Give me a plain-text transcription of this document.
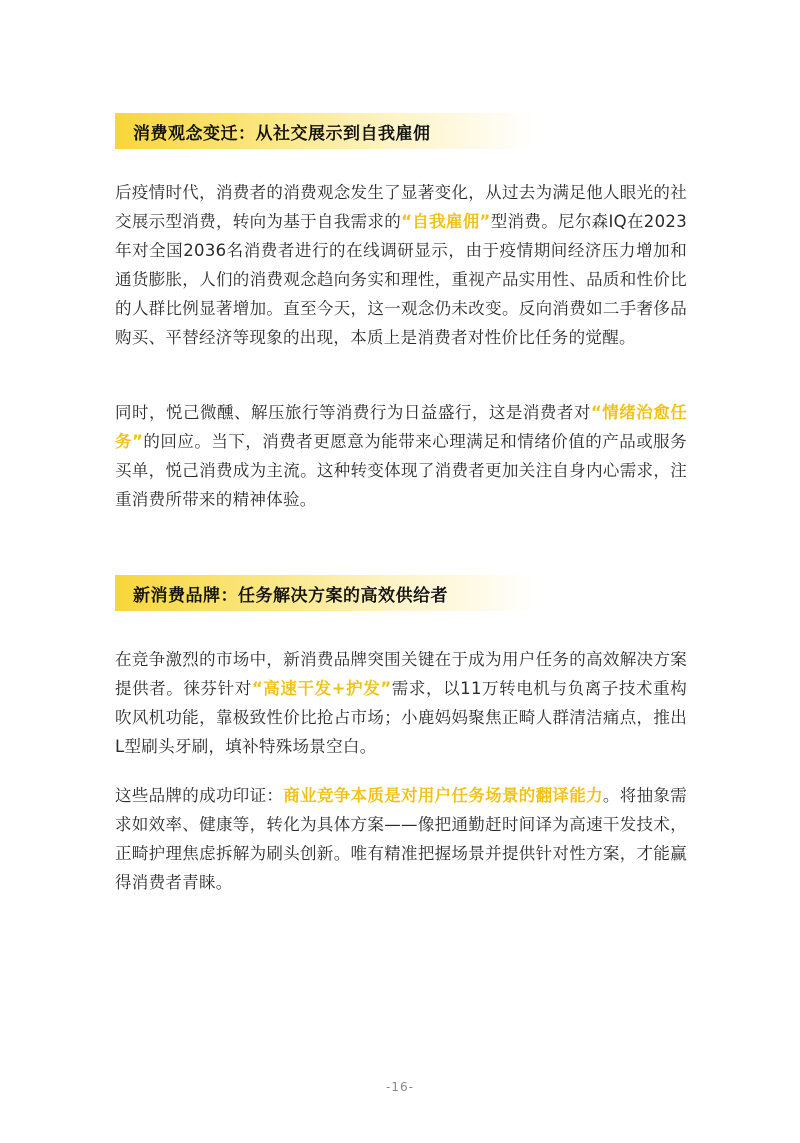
消费观念变迁：从社交展示到自我雇佣
后疫情时代，消费者的消费观念发生了显著变化，从过去为满足他人眼光的社交展示型消费，转向为基于自我需求的“自我雇佣”型消费。尼尔森IQ在2023年对全国2036名消费者进行的在线调研显示，由于疫情期间经济压力增加和通货膨胀，人们的消费观念趋向务实和理性，重视产品实用性、品质和性价比的人群比例显著增加。直至今天，这一观念仍未改变。反向消费如二手奢侈品购买、平替经济等现象的出现，本质上是消费者对性价比任务的觉醒。
同时，悦己微醺、解压旅行等消费行为日益盛行，这是消费者对“情绪治愈任务”的回应。当下，消费者更愿意为能带来心理满足和情绪价值的产品或服务买单，悦己消费成为主流。这种转变体现了消费者更加关注自身内心需求，注重消费所带来的精神体验。
新消费品牌：任务解决方案的高效供给者
在竞争激烈的市场中，新消费品牌突围关键在于成为用户任务的高效解决方案提供者。徕芬针对“高速干发+护发”需求，以11万转电机与负离子技术重构吹风机功能，靠极致性价比抢占市场；小鹿妈妈聚焦正畸人群清洁痛点，推出L型刷头牙刷，填补特殊场景空白。
这些品牌的成功印证：商业竞争本质是对用户任务场景的翻译能力。将抽象需求如效率、健康等，转化为具体方案——像把通勤赶时间译为高速干发技术，正畸护理焦虑拆解为刷头创新。唯有精准把握场景并提供针对性方案，才能赢得消费者青睐。
-16-
